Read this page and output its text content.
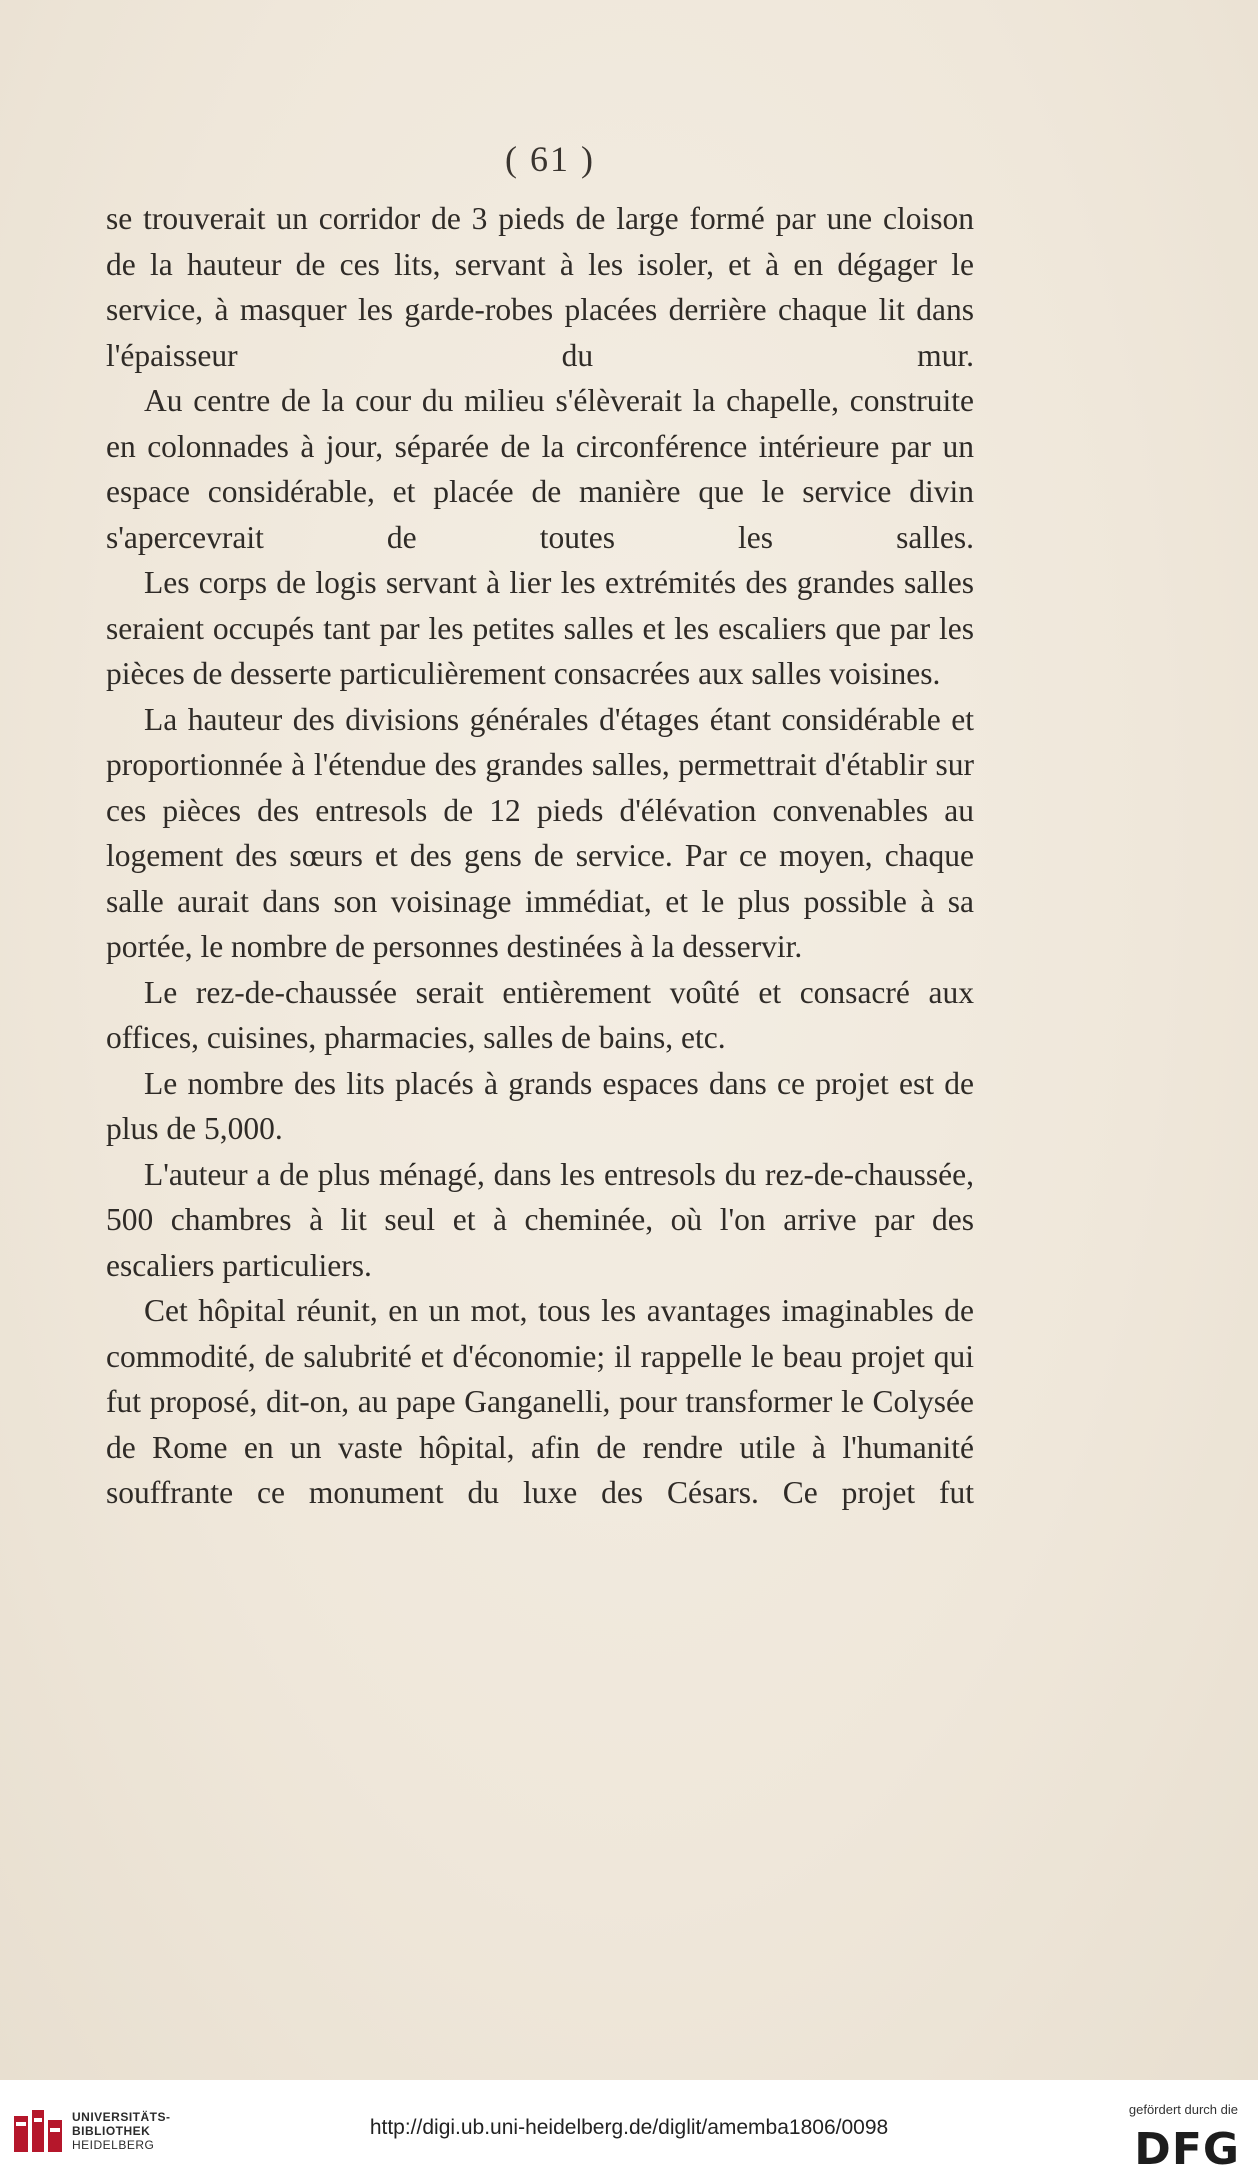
( 61 )

se trouverait un corridor de 3 pieds de large formé par une cloison de la hauteur de ces lits, servant à les isoler, et à en dégager le service, à masquer les garde-robes placées derrière chaque lit dans l'épaisseur du mur.

Au centre de la cour du milieu s'élèverait la chapelle, construite en colonnades à jour, séparée de la circonférence intérieure par un espace considérable, et placée de manière que le service divin s'apercevrait de toutes les salles.

Les corps de logis servant à lier les extrémités des grandes salles seraient occupés tant par les petites salles et les escaliers que par les pièces de desserte particulièrement consacrées aux salles voisines.

La hauteur des divisions générales d'étages étant considérable et proportionnée à l'étendue des grandes salles, permettrait d'établir sur ces pièces des entresols de 12 pieds d'élévation convenables au logement des sœurs et des gens de service. Par ce moyen, chaque salle aurait dans son voisinage immédiat, et le plus possible à sa portée, le nombre de personnes destinées à la desservir.

Le rez-de-chaussée serait entièrement voûté et consacré aux offices, cuisines, pharmacies, salles de bains, etc.

Le nombre des lits placés à grands espaces dans ce projet est de plus de 5,000.

L'auteur a de plus ménagé, dans les entresols du rez-de-chaussée, 500 chambres à lit seul et à cheminée, où l'on arrive par des escaliers particuliers.

Cet hôpital réunit, en un mot, tous les avantages imaginables de commodité, de salubrité et d'économie; il rappelle le beau projet qui fut proposé, dit-on, au pape Ganganelli, pour transformer le Colysée de Rome en un vaste hôpital, afin de rendre utile à l'humanité souffrante ce monument du luxe des Césars. Ce projet fut

UNIVERSITÄTS-
BIBLIOTHEK
HEIDELBERG
http://digi.ub.uni-heidelberg.de/diglit/amemba1806/0098
gefördert durch die
DFG
